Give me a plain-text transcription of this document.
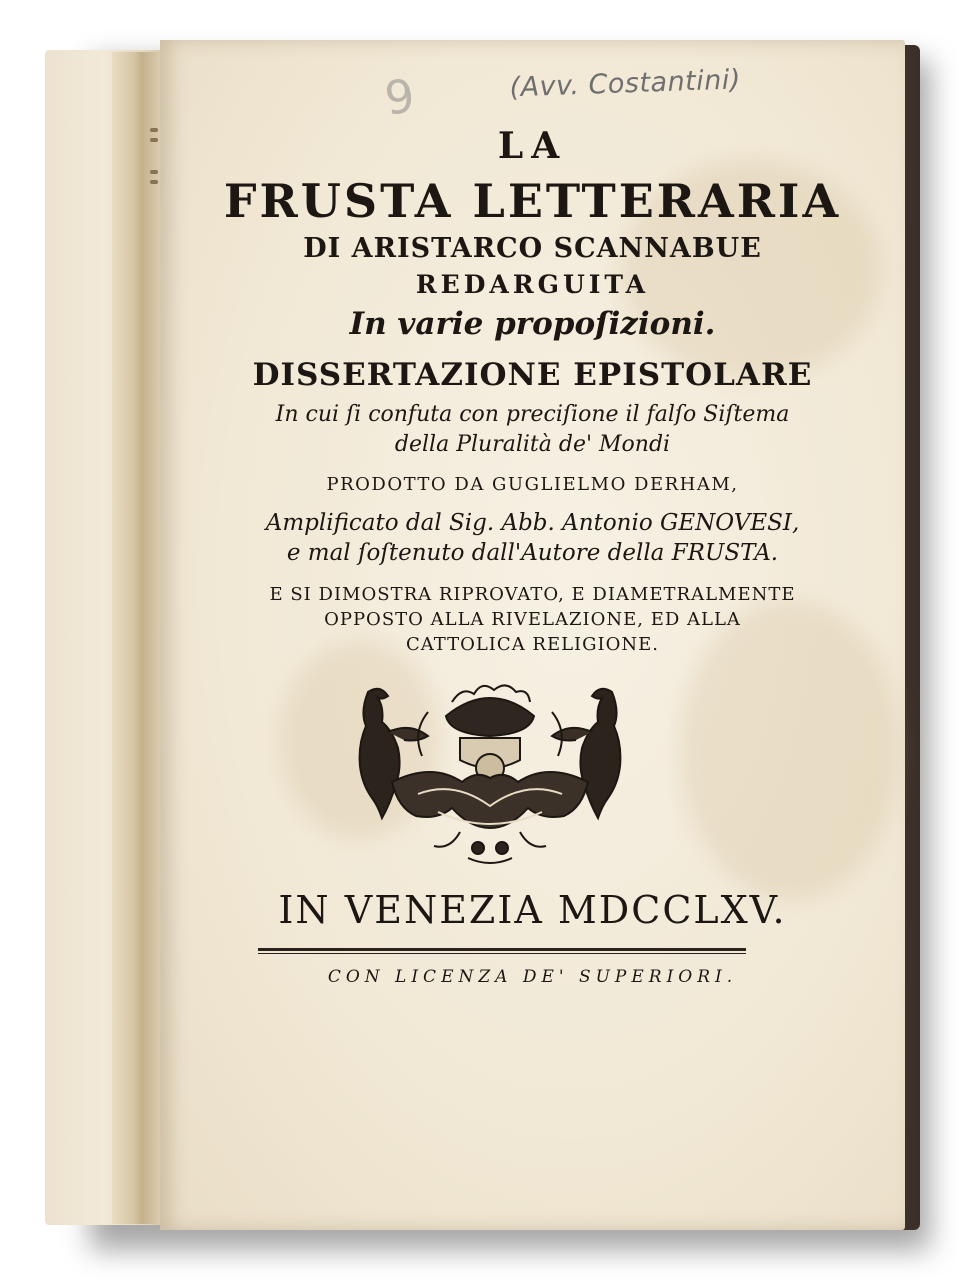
9	(Avv. Costantini)
LA
FRUSTA LETTERARIA
DI ARISTARCO SCANNABUE
REDARGUITA
In varie propoſizioni.
DISSERTAZIONE EPISTOLARE
In cui ſi confuta con preciſione il falſo Siſtema
della Pluralità de' Mondi
PRODOTTO DA GUGLIELMO DERHAM,
Amplificato dal Sig. Abb. Antonio GENOVESI,
e mal ſoſtenuto dall'Autore della FRUSTA.
E SI DIMOSTRA RIPROVATO, E DIAMETRALMENTE
OPPOSTO ALLA RIVELAZIONE, ED ALLA
CATTOLICA RELIGIONE.
IN VENEZIA MDCCLXV.
CON LICENZA DE' SUPERIORI.
